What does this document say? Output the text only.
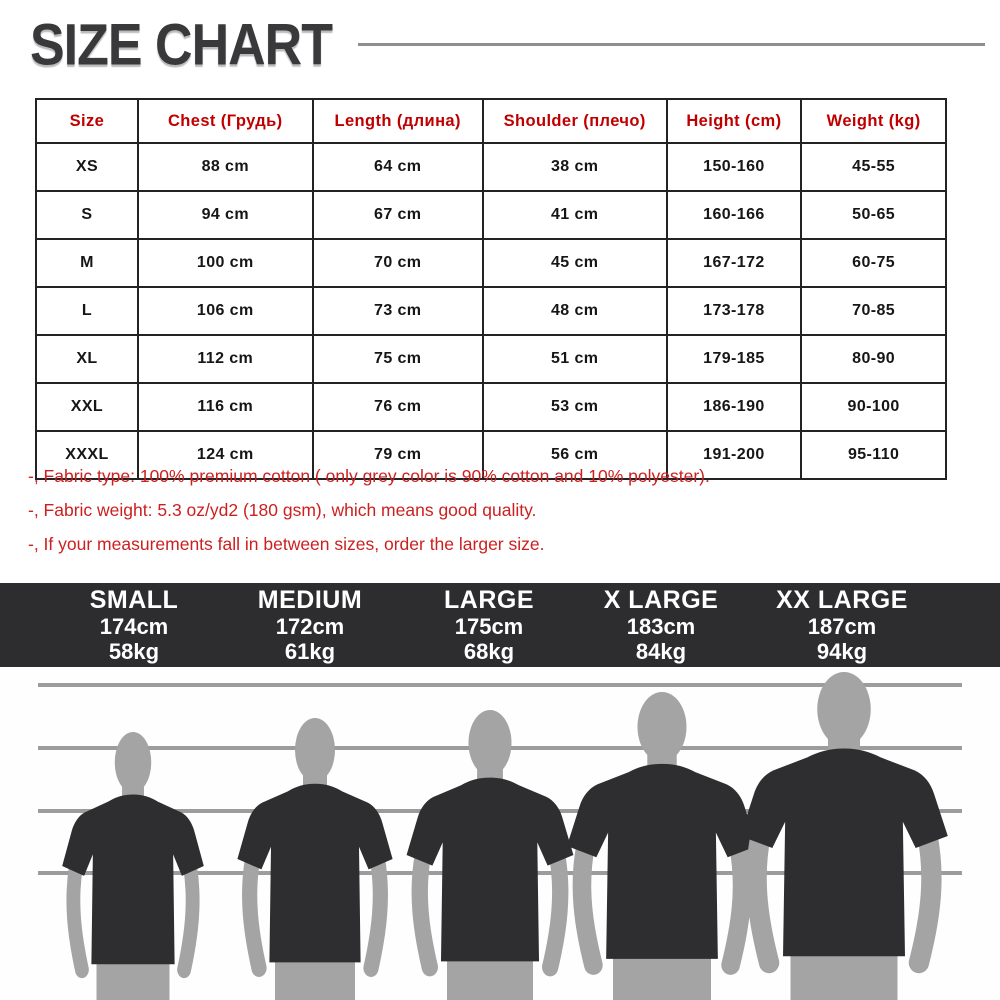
SIZE CHART
Size	Chest (Грудь)	Length (длина)	Shoulder (плечо)	Height (cm)	Weight (kg)
XS	88 cm	64 cm	38 cm	150-160	45-55
S	94 cm	67 cm	41 cm	160-166	50-65
M	100 cm	70 cm	45 cm	167-172	60-75
L	106 cm	73 cm	48 cm	173-178	70-85
XL	112 cm	75 cm	51 cm	179-185	80-90
XXL	116 cm	76 cm	53 cm	186-190	90-100
XXXL	124 cm	79 cm	56 cm	191-200	95-110

-, Fabric type: 100% premium cotton ( only grey color is 90% cotton and 10% polyester).

-, Fabric weight: 5.3 oz/yd2 (180 gsm), which means good quality.

-, If your measurements fall in between sizes, order the larger size.

SMALL
174cm
58kg
MEDIUM
172cm
61kg
LARGE
175cm
68kg
X LARGE
183cm
84kg
XX LARGE
187cm
94kg
